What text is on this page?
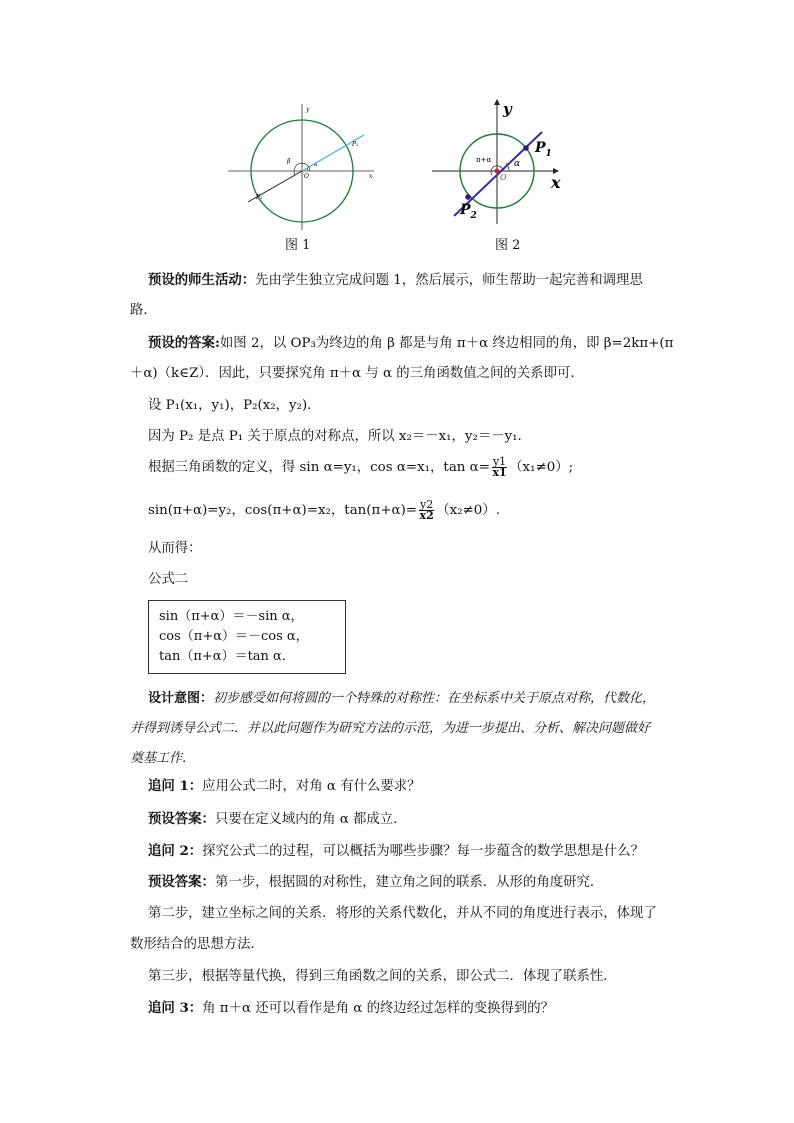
y
x
O
β	α
P₁
P₂
图 1
y
x
O
α
π+α
$P_1$
$P_2$
图 2
预设的师生活动：先由学生独立完成问题 1，然后展示，师生帮助一起完善和调理思
路．
预设的答案:如图 2，以 OP₃为终边的角 β 都是与角 π＋α 终边相同的角，即 β=2kπ+(π
＋α)（k∈Z）．因此，只要探究角 π＋α 与 α 的三角函数值之间的关系即可．
设 P₁(x₁，y₁)，P₂(x₂，y₂)．
因为 P₂ 是点 P₁ 关于原点的对称点，所以 x₂＝－x₁，y₂＝－y₁．
根据三角函数的定义，得 sin α=y₁，cos α=x₁，$\tan \alpha= \frac{y1}{x1} (x_1\ne 0)$;
sin(π+α)=y₂，cos(π+α)=x₂，$\tan(\pi+\alpha)= \frac{y2}{x2} (x_2\ne 0)$.
从而得：
公式二
sin（π+α）＝－sin α，
cos（π+α）＝－cos α，
tan（π+α）＝tan α．
设计意图：初步感受如何将圆的一个特殊的对称性：在坐标系中关于原点对称，代数化，
并得到诱导公式二．并以此问题作为研究方法的示范，为进一步提出、分析、解决问题做好
奠基工作．
追问 1：应用公式二时，对角 α 有什么要求？
预设答案：只要在定义域内的角 α 都成立．
追问 2：探究公式二的过程，可以概括为哪些步骤？每一步蕴含的数学思想是什么？
预设答案：第一步，根据圆的对称性，建立角之间的联系．从形的角度研究．
第二步，建立坐标之间的关系．将形的关系代数化，并从不同的角度进行表示，体现了
数形结合的思想方法．
第三步，根据等量代换，得到三角函数之间的关系，即公式二．体现了联系性．
追问 3：角 π＋α 还可以看作是角 α 的终边经过怎样的变换得到的？
